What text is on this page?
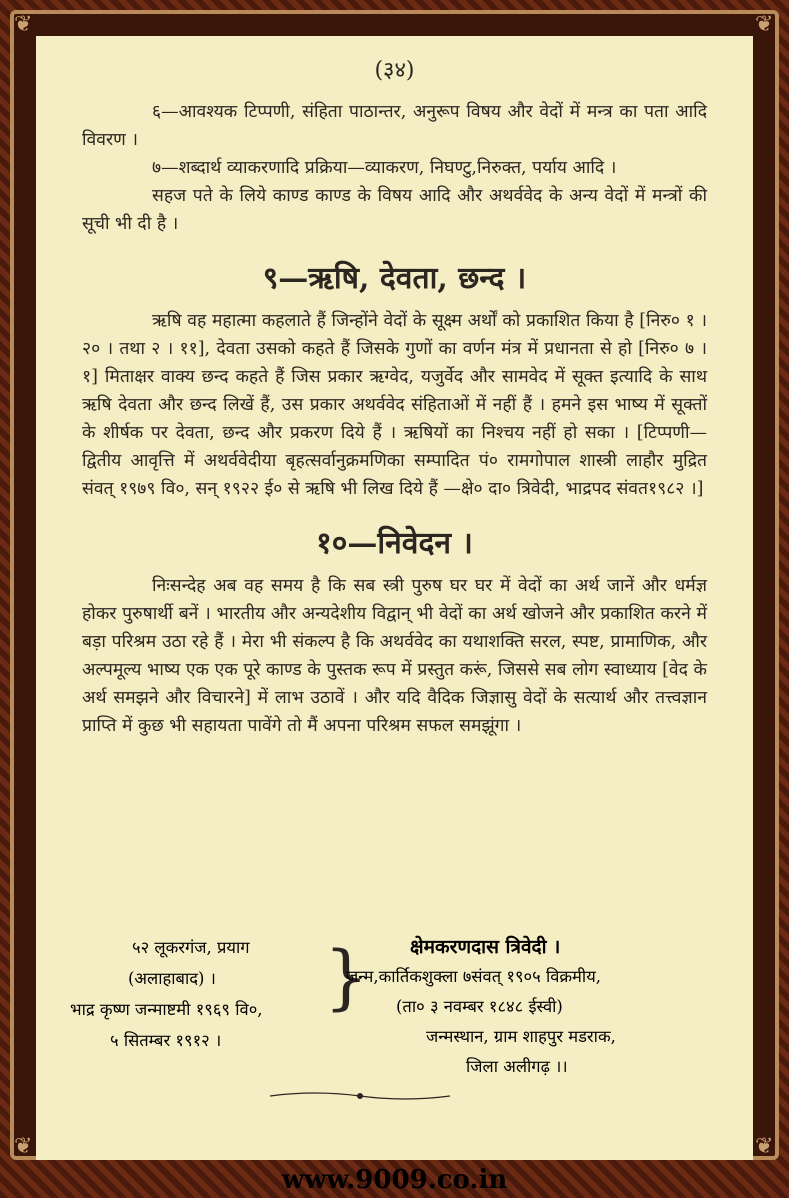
❦	❦
❦	❦
(३४)

६—आवश्यक टिप्पणी, संहिता पाठान्तर, अनुरूप विषय और वेदों में मन्त्र का पता आदि विवरण ।

७—शब्दार्थ व्याकरणादि प्रक्रिया—व्याकरण, निघण्टु,निरुक्त, पर्याय आदि ।

सहज पते के लिये काण्ड काण्ड के विषय आदि और अथर्ववेद के अन्य वेदों में मन्त्रों की सूची भी दी है ।

९—ऋषि, देवता, छन्द ।

ऋषि वह महात्मा कहलाते हैं जिन्होंने वेदों के सूक्ष्म अर्थों को प्रकाशित किया है [निरु० १ । २० । तथा २ । ११], देवता उसको कहते हैं जिसके गुणों का वर्णन मंत्र में प्रधानता से हो [निरु० ७ । १] मिताक्षर वाक्य छन्द कहते हैं जिस प्रकार ऋग्वेद, यजुर्वेद और सामवेद में सूक्त इत्यादि के साथ ऋषि देवता और छन्द लिखें हैं, उस प्रकार अथर्ववेद संहिताओं में नहीं हैं । हमने इस भाष्य में सूक्तों के शीर्षक पर देवता, छन्द और प्रकरण दिये हैं । ऋषियों का निश्चय नहीं हो सका । [टिप्पणी—द्वितीय आवृत्ति में अथर्ववेदीया बृहत्सर्वानुक्रमणिका सम्पादित पं० रामगोपाल शास्त्री लाहौर मुद्रित संवत् १९७९ वि०, सन् १९२२ ई० से ऋषि भी लिख दिये हैं —क्षे० दा० त्रिवेदी, भाद्रपद संवत१९८२ ।]

१०—निवेदन ।

निःसन्देह अब वह समय है कि सब स्त्री पुरुष घर घर में वेदों का अर्थ जानें और धर्मज्ञ होकर पुरुषार्थी बनें । भारतीय और अन्यदेशीय विद्वान् भी वेदों का अर्थ खोजने और प्रकाशित करने में बड़ा परिश्रम उठा रहे हैं । मेरा भी संकल्प है कि अथर्ववेद का यथाशक्ति सरल, स्पष्ट, प्रामाणिक, और अल्पमूल्य भाष्य एक एक पूरे काण्ड के पुस्तक रूप में प्रस्तुत करूं, जिससे सब लोग स्वाध्याय [वेद के अर्थ समझने और विचारने] में लाभ उठावें । और यदि वैदिक जिज्ञासु वेदों के सत्यार्थ और तत्त्वज्ञान प्राप्ति में कुछ भी सहायता पावेंगे तो मैं अपना परिश्रम सफल समझूंगा ।

५२ लूकरगंज, प्रयाग
(अलाहाबाद) ।
भाद्र कृष्ण जन्माष्टमी १९६९ वि०,
५ सितम्बर १९१२ ।
}	क्षेमकरणदास त्रिवेदी ।
जन्म,कार्तिकशुक्ला ७संवत् १९०५ विक्रमीय,
(ता० ३ नवम्बर १८४८ ईस्वी)
जन्मस्थान, ग्राम शाहपुर मडराक,
जिला अलीगढ़ ।।
www.9009.co.in
